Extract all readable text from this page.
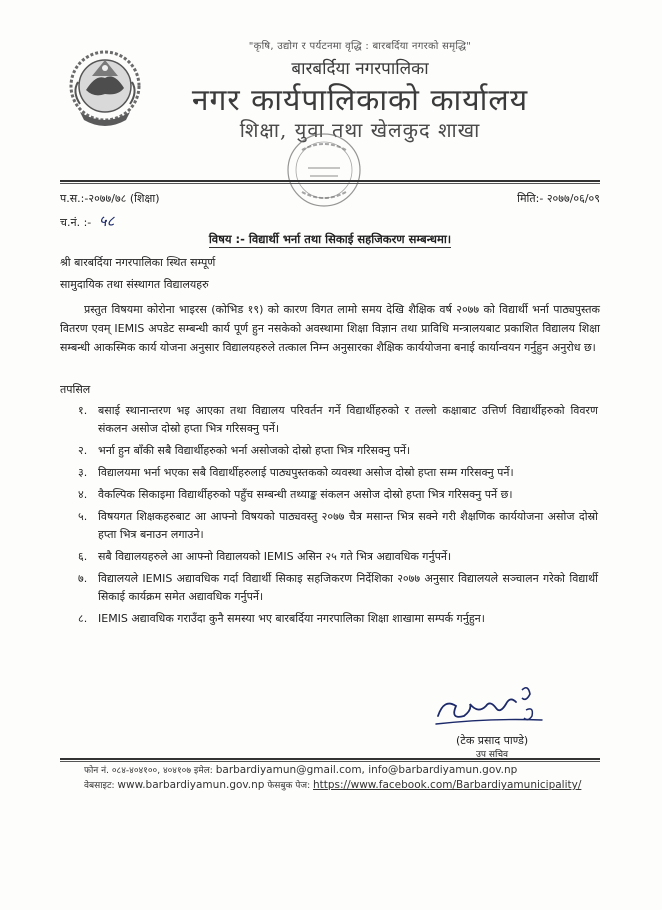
"कृषि, उद्योग र पर्यटनमा वृद्धि : बारबर्दिया नगरको समृद्धि"
बारबर्दिया नगरपालिका
नगर कार्यपालिकाको कार्यालय
शिक्षा, युवा तथा खेलकुद शाखा
प.स.:-२०७७/७८ (शिक्षा)	मिति:- २०७७/०६/०९
च.नं. :- ५८
विषय :- विद्यार्थी भर्ना तथा सिकाई सहजिकरण सम्बन्धमा।
श्री बारबर्दिया नगरपालिका स्थित सम्पूर्ण
सामुदायिक तथा संस्थागत विद्यालयहरु
प्रस्तुत विषयमा कोरोना भाइरस (कोभिड १९) को कारण विगत लामो समय देखि शैक्षिक वर्ष २०७७ को विद्यार्थी भर्ना पाठ्यपुस्तक वितरण एवम् IEMIS अपडेट सम्बन्धी कार्य पूर्ण हुन नसकेको अवस्थामा शिक्षा विज्ञान तथा प्राविधि मन्त्रालयबाट प्रकाशित विद्यालय शिक्षा सम्बन्धी आकस्मिक कार्य योजना अनुसार विद्यालयहरुले तत्काल निम्न अनुसारका शैक्षिक कार्ययोजना बनाई कार्यान्वयन गर्नुहुन अनुरोध छ।
तपसिल
१. बसाई स्थानान्तरण भइ आएका तथा विद्यालय परिवर्तन गर्ने विद्यार्थीहरुको र तल्लो कक्षाबाट उत्तिर्ण विद्यार्थीहरुको विवरण संकलन असोज दोस्रो हप्ता भित्र गरिसक्नु पर्ने।
२. भर्ना हुन बाँकी सबै विद्यार्थीहरुको भर्ना असोजको दोस्रो हप्ता भित्र गरिसक्नु पर्ने।
३. विद्यालयमा भर्ना भएका सबै विद्यार्थीहरुलाई पाठ्यपुस्तकको व्यवस्था असोज दोस्रो हप्ता सम्म गरिसक्नु पर्ने।
४. वैकल्पिक सिकाइमा विद्यार्थीहरुको पहुँच सम्बन्धी तथ्याङ्क संकलन असोज दोस्रो हप्ता भित्र गरिसक्नु पर्ने छ।
५. विषयगत शिक्षकहरुबाट आ आफ्नो विषयको पाठ्यवस्तु २०७७ चैत्र मसान्त भित्र सक्ने गरी शैक्षणिक कार्ययोजना असोज दोस्रो हप्ता भित्र बनाउन लगाउने।
६. सबै विद्यालयहरुले आ आफ्नो विद्यालयको IEMIS असिन २५ गते भित्र अद्यावधिक गर्नुपर्ने।
७. विद्यालयले IEMIS अद्यावधिक गर्दा विद्यार्थी सिकाइ सहजिकरण निर्देशिका २०७७ अनुसार विद्यालयले सञ्चालन गरेको विद्यार्थी सिकाई कार्यक्रम समेत अद्यावधिक गर्नुपर्ने।
८. IEMIS अद्यावधिक गराउँदा कुनै समस्या भए बारबर्दिया नगरपालिका शिक्षा शाखामा सम्पर्क गर्नुहुन।
(टेक प्रसाद पाण्डे)
उप सचिव
फोन नं. ०८४-४०४१००, ४०४१०७ इमेल: barbardiyamun@gmail.com, info@barbardiyamun.gov.np
वेबसाइट: www.barbardiyamun.gov.np फेसबुक पेज: https://www.facebook.com/Barbardiyamunicipality/
